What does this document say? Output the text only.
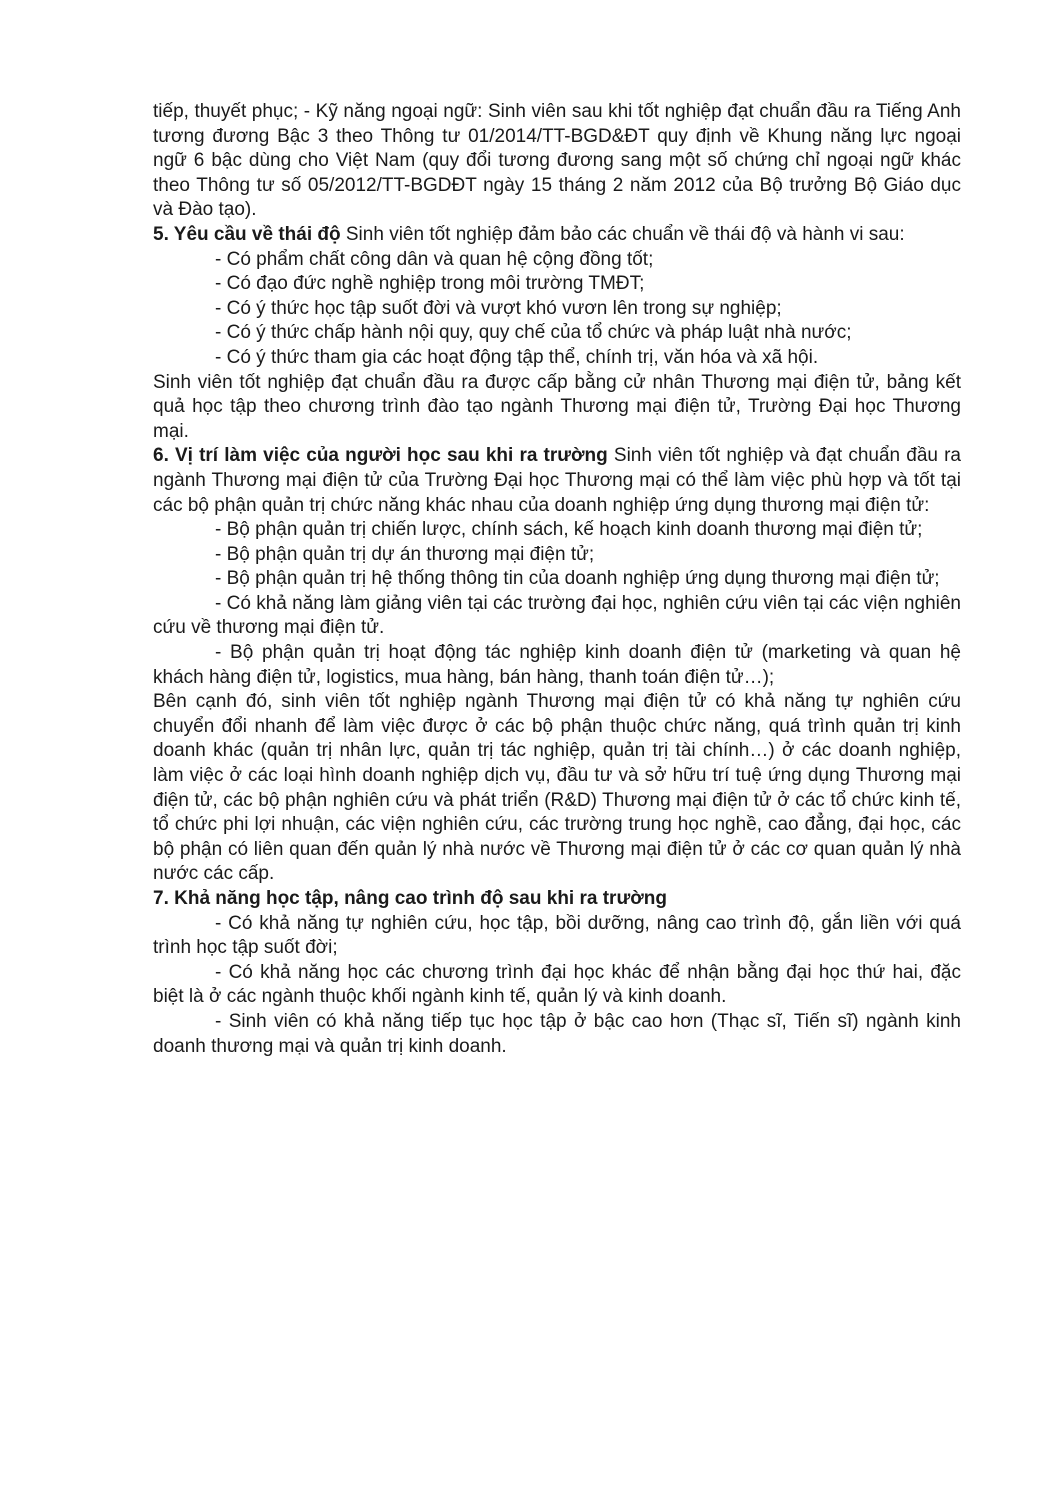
tiếp, thuyết phục; - Kỹ năng ngoại ngữ: Sinh viên sau khi tốt nghiệp đạt chuẩn đầu ra Tiếng Anh tương đương Bậc 3 theo Thông tư 01/2014/TT-BGD&ĐT quy định về Khung năng lực ngoại ngữ 6 bậc dùng cho Việt Nam (quy đổi tương đương sang một số chứng chỉ ngoại ngữ khác theo Thông tư số 05/2012/TT-BGDĐT ngày 15 tháng 2 năm 2012 của Bộ trưởng Bộ Giáo dục và Đào tạo).

5. Yêu cầu về thái độ Sinh viên tốt nghiệp đảm bảo các chuẩn về thái độ và hành vi sau:

- Có phẩm chất công dân và quan hệ cộng đồng tốt;

- Có đạo đức nghề nghiệp trong môi trường TMĐT;

- Có ý thức học tập suốt đời và vượt khó vươn lên trong sự nghiệp;

- Có ý thức chấp hành nội quy, quy chế của tổ chức và pháp luật nhà nước;

- Có ý thức tham gia các hoạt động tập thể, chính trị, văn hóa và xã hội.

Sinh viên tốt nghiệp đạt chuẩn đầu ra được cấp bằng cử nhân Thương mại điện tử, bảng kết quả học tập theo chương trình đào tạo ngành Thương mại điện tử, Trường Đại học Thương mại.

6. Vị trí làm việc của người học sau khi ra trường Sinh viên tốt nghiệp và đạt chuẩn đầu ra ngành Thương mại điện tử của Trường Đại học Thương mại có thể làm việc phù hợp và tốt tại các bộ phận quản trị chức năng khác nhau của doanh nghiệp ứng dụng thương mại điện tử:

- Bộ phận quản trị chiến lược, chính sách, kế hoạch kinh doanh thương mại điện tử;

- Bộ phận quản trị dự án thương mại điện tử;

- Bộ phận quản trị hệ thống thông tin của doanh nghiệp ứng dụng thương mại điện tử;

- Có khả năng làm giảng viên tại các trường đại học, nghiên cứu viên tại các viện nghiên cứu về thương mại điện tử.

- Bộ phận quản trị hoạt động tác nghiệp kinh doanh điện tử (marketing và quan hệ khách hàng điện tử, logistics, mua hàng, bán hàng, thanh toán điện tử…);

Bên cạnh đó, sinh viên tốt nghiệp ngành Thương mại điện tử có khả năng tự nghiên cứu chuyển đổi nhanh để làm việc được ở các bộ phận thuộc chức năng, quá trình quản trị kinh doanh khác (quản trị nhân lực, quản trị tác nghiệp, quản trị tài chính…) ở các doanh nghiệp, làm việc ở các loại hình doanh nghiệp dịch vụ, đầu tư và sở hữu trí tuệ ứng dụng Thương mại điện tử, các bộ phận nghiên cứu và phát triển (R&D) Thương mại điện tử ở các tổ chức kinh tế, tổ chức phi lợi nhuận, các viện nghiên cứu, các trường trung học nghề, cao đẳng, đại học, các bộ phận có liên quan đến quản lý nhà nước về Thương mại điện tử ở các cơ quan quản lý nhà nước các cấp.

7. Khả năng học tập, nâng cao trình độ sau khi ra trường

- Có khả năng tự nghiên cứu, học tập, bồi dưỡng, nâng cao trình độ, gắn liền với quá trình học tập suốt đời;

- Có khả năng học các chương trình đại học khác để nhận bằng đại học thứ hai, đặc biệt là ở các ngành thuộc khối ngành kinh tế, quản lý và kinh doanh.

- Sinh viên có khả năng tiếp tục học tập ở bậc cao hơn (Thạc sĩ, Tiến sĩ) ngành kinh doanh thương mại và quản trị kinh doanh.
